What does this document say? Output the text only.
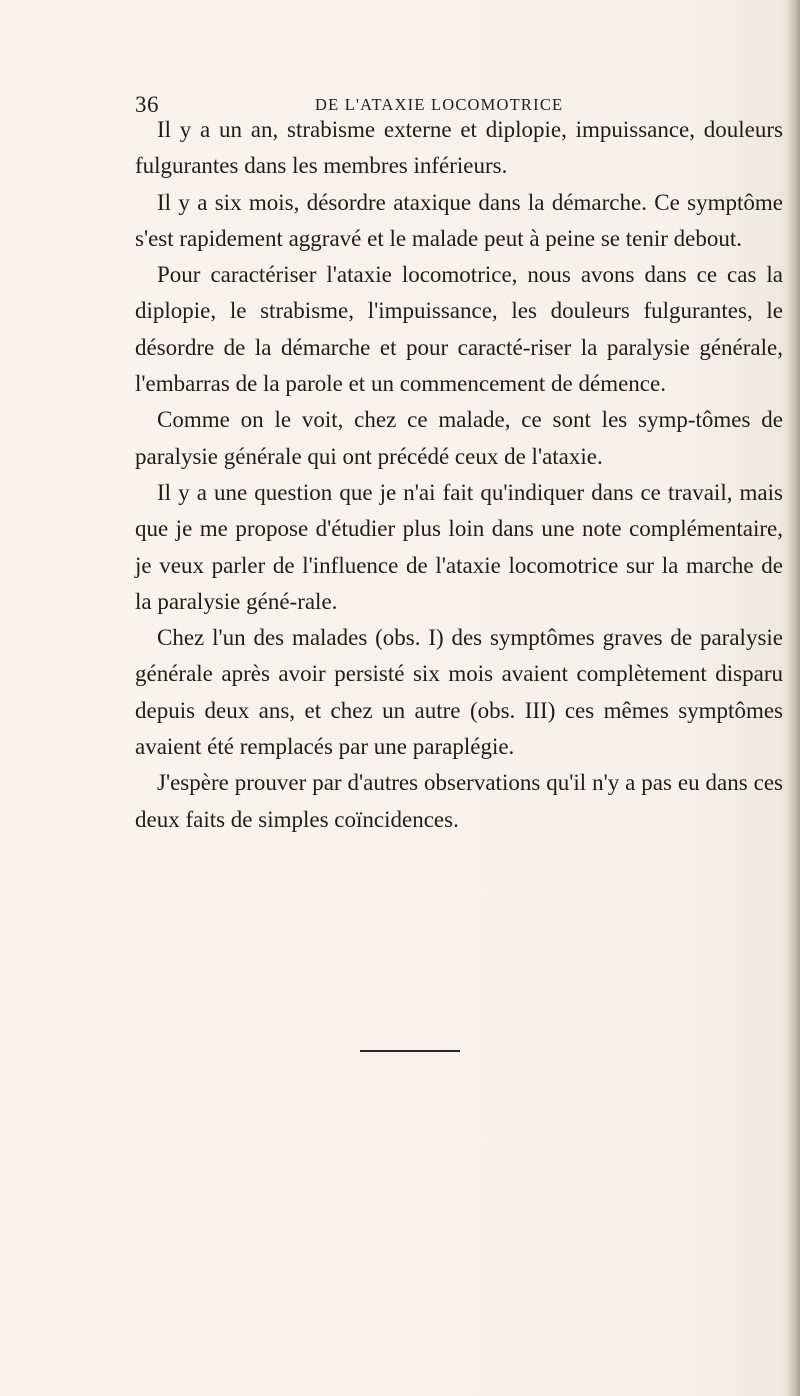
36	DE L'ATAXIE LOCOMOTRICE

Il y a un an, strabisme externe et diplopie, impuissance, douleurs fulgurantes dans les membres inférieurs.

Il y a six mois, désordre ataxique dans la démarche. Ce symptôme s'est rapidement aggravé et le malade peut à peine se tenir debout.

Pour caractériser l'ataxie locomotrice, nous avons dans ce cas la diplopie, le strabisme, l'impuissance, les douleurs fulgurantes, le désordre de la démarche et pour caracté-riser la paralysie générale, l'embarras de la parole et un commencement de démence.

Comme on le voit, chez ce malade, ce sont les symp-tômes de paralysie générale qui ont précédé ceux de l'ataxie.

Il y a une question que je n'ai fait qu'indiquer dans ce travail, mais que je me propose d'étudier plus loin dans une note complémentaire, je veux parler de l'influence de l'ataxie locomotrice sur la marche de la paralysie géné-rale.

Chez l'un des malades (obs. I) des symptômes graves de paralysie générale après avoir persisté six mois avaient complètement disparu depuis deux ans, et chez un autre (obs. III) ces mêmes symptômes avaient été remplacés par une paraplégie.

J'espère prouver par d'autres observations qu'il n'y a pas eu dans ces deux faits de simples coïncidences.
